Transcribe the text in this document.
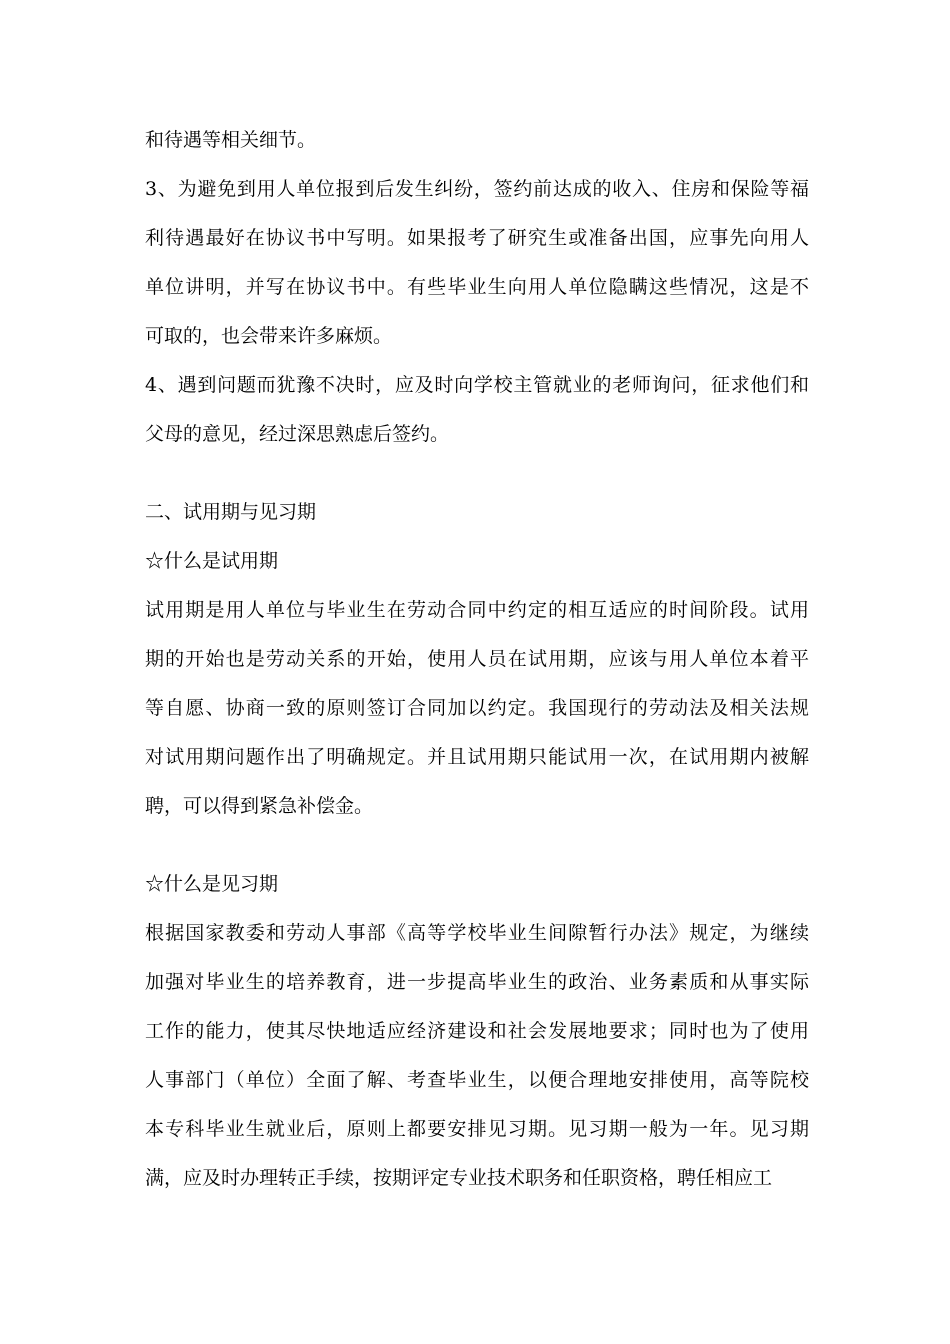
和待遇等相关细节。
3、为避免到用人单位报到后发生纠纷，签约前达成的收入、住房和保险等福
利待遇最好在协议书中写明。如果报考了研究生或准备出国，应事先向用人
单位讲明，并写在协议书中。有些毕业生向用人单位隐瞒这些情况，这是不
可取的，也会带来许多麻烦。
4、遇到问题而犹豫不决时，应及时向学校主管就业的老师询问，征求他们和
父母的意见，经过深思熟虑后签约。
二、试用期与见习期
☆什么是试用期
试用期是用人单位与毕业生在劳动合同中约定的相互适应的时间阶段。试用
期的开始也是劳动关系的开始，使用人员在试用期，应该与用人单位本着平
等自愿、协商一致的原则签订合同加以约定。我国现行的劳动法及相关法规
对试用期问题作出了明确规定。并且试用期只能试用一次，在试用期内被解
聘，可以得到紧急补偿金。
☆什么是见习期
根据国家教委和劳动人事部《高等学校毕业生间隙暂行办法》规定，为继续
加强对毕业生的培养教育，进一步提高毕业生的政治、业务素质和从事实际
工作的能力，使其尽快地适应经济建设和社会发展地要求；同时也为了使用
人事部门（单位）全面了解、考查毕业生，以便合理地安排使用，高等院校
本专科毕业生就业后，原则上都要安排见习期。见习期一般为一年。见习期
满，应及时办理转正手续，按期评定专业技术职务和任职资格，聘任相应工
